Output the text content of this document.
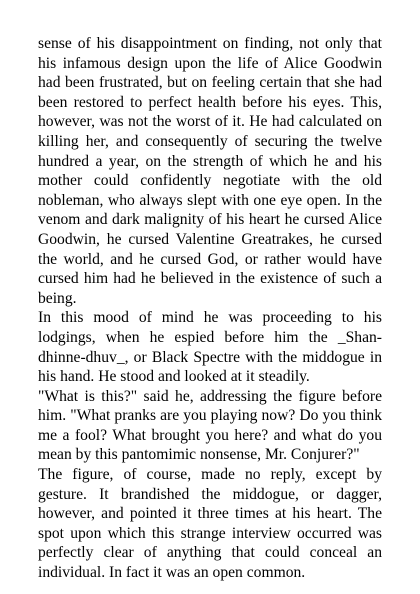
sense of his disappointment on finding, not only that his infamous design upon the life of Alice Goodwin had been frustrated, but on feeling certain that she had been restored to perfect health before his eyes. This, however, was not the worst of it. He had calculated on killing her, and consequently of securing the twelve hundred a year, on the strength of which he and his mother could confidently negotiate with the old nobleman, who always slept with one eye open. In the venom and dark malignity of his heart he cursed Alice Goodwin, he cursed Valentine Greatrakes, he cursed the world, and he cursed God, or rather would have cursed him had he believed in the existence of such a being.

In this mood of mind he was proceeding to his lodgings, when he espied before him the _Shan-dhinne-dhuv_, or Black Spectre with the middogue in his hand. He stood and looked at it steadily.

"What is this?" said he, addressing the figure before him. "What pranks are you playing now? Do you think me a fool? What brought you here? and what do you mean by this pantomimic nonsense, Mr. Conjurer?"

The figure, of course, made no reply, except by gesture. It brandished the middogue, or dagger, however, and pointed it three times at his heart. The spot upon which this strange interview occurred was perfectly clear of anything that could conceal an individual. In fact it was an open common.
